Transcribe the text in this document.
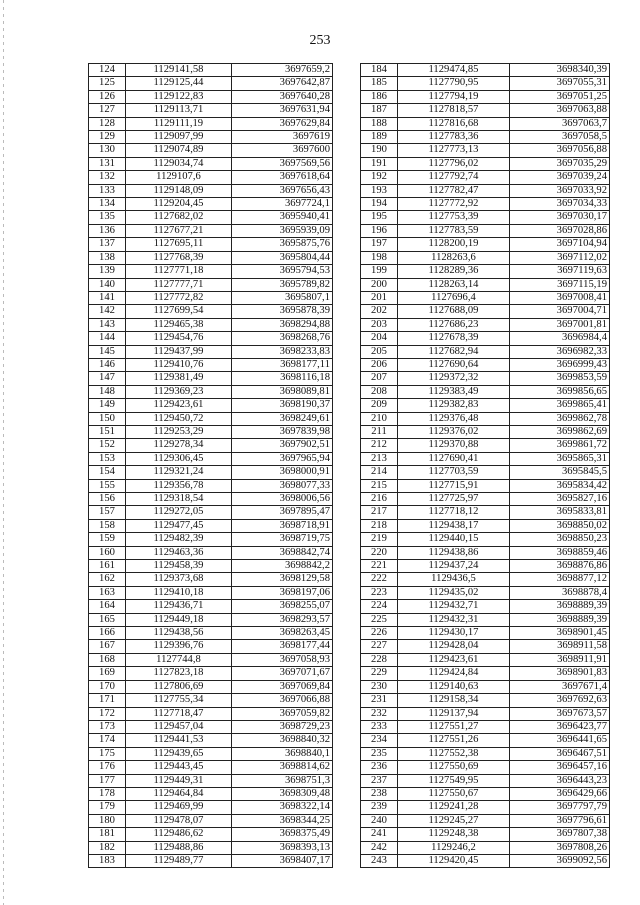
253
124	1129141,58	3697659,2
125	1129125,44	3697642,87
126	1129122,83	3697640,28
127	1129113,71	3697631,94
128	1129111,19	3697629,84
129	1129097,99	3697619
130	1129074,89	3697600
131	1129034,74	3697569,56
132	1129107,6	3697618,64
133	1129148,09	3697656,43
134	1129204,45	3697724,1
135	1127682,02	3695940,41
136	1127677,21	3695939,09
137	1127695,11	3695875,76
138	1127768,39	3695804,44
139	1127771,18	3695794,53
140	1127777,71	3695789,82
141	1127772,82	3695807,1
142	1127699,54	3695878,39
143	1129465,38	3698294,88
144	1129454,76	3698268,76
145	1129437,99	3698233,83
146	1129410,76	3698177,11
147	1129381,49	3698116,18
148	1129369,23	3698089,81
149	1129423,61	3698190,37
150	1129450,72	3698249,61
151	1129253,29	3697839,98
152	1129278,34	3697902,51
153	1129306,45	3697965,94
154	1129321,24	3698000,91
155	1129356,78	3698077,33
156	1129318,54	3698006,56
157	1129272,05	3697895,47
158	1129477,45	3698718,91
159	1129482,39	3698719,75
160	1129463,36	3698842,74
161	1129458,39	3698842,2
162	1129373,68	3698129,58
163	1129410,18	3698197,06
164	1129436,71	3698255,07
165	1129449,18	3698293,57
166	1129438,56	3698263,45
167	1129396,76	3698177,44
168	1127744,8	3697058,93
169	1127823,18	3697071,67
170	1127806,69	3697069,84
171	1127755,34	3697066,88
172	1127718,47	3697059,82
173	1129457,04	3698729,23
174	1129441,53	3698840,32
175	1129439,65	3698840,1
176	1129443,45	3698814,62
177	1129449,31	3698751,3
178	1129464,84	3698309,48
179	1129469,99	3698322,14
180	1129478,07	3698344,25
181	1129486,62	3698375,49
182	1129488,86	3698393,13
183	1129489,77	3698407,17
184	1129474,85	3698340,39
185	1127790,95	3697055,31
186	1127794,19	3697051,25
187	1127818,57	3697063,88
188	1127816,68	3697063,7
189	1127783,36	3697058,5
190	1127773,13	3697056,88
191	1127796,02	3697035,29
192	1127792,74	3697039,24
193	1127782,47	3697033,92
194	1127772,92	3697034,33
195	1127753,39	3697030,17
196	1127783,59	3697028,86
197	1128200,19	3697104,94
198	1128263,6	3697112,02
199	1128289,36	3697119,63
200	1128263,14	3697115,19
201	1127696,4	3697008,41
202	1127688,09	3697004,71
203	1127686,23	3697001,81
204	1127678,39	3696984,4
205	1127682,94	3696982,33
206	1127690,64	3696999,43
207	1129372,32	3699853,59
208	1129383,49	3699856,65
209	1129382,83	3699865,41
210	1129376,48	3699862,78
211	1129376,02	3699862,69
212	1129370,88	3699861,72
213	1127690,41	3695865,31
214	1127703,59	3695845,5
215	1127715,91	3695834,42
216	1127725,97	3695827,16
217	1127718,12	3695833,81
218	1129438,17	3698850,02
219	1129440,15	3698850,23
220	1129438,86	3698859,46
221	1129437,24	3698876,86
222	1129436,5	3698877,12
223	1129435,02	3698878,4
224	1129432,71	3698889,39
225	1129432,31	3698889,39
226	1129430,17	3698901,45
227	1129428,04	3698911,58
228	1129423,61	3698911,91
229	1129424,84	3698901,83
230	1129140,63	3697671,4
231	1129158,34	3697692,63
232	1129137,94	3697673,57
233	1127551,27	3696423,77
234	1127551,26	3696441,65
235	1127552,38	3696467,51
236	1127550,69	3696457,16
237	1127549,95	3696443,23
238	1127550,67	3696429,66
239	1129241,28	3697797,79
240	1129245,27	3697796,61
241	1129248,38	3697807,38
242	1129246,2	3697808,26
243	1129420,45	3699092,56
